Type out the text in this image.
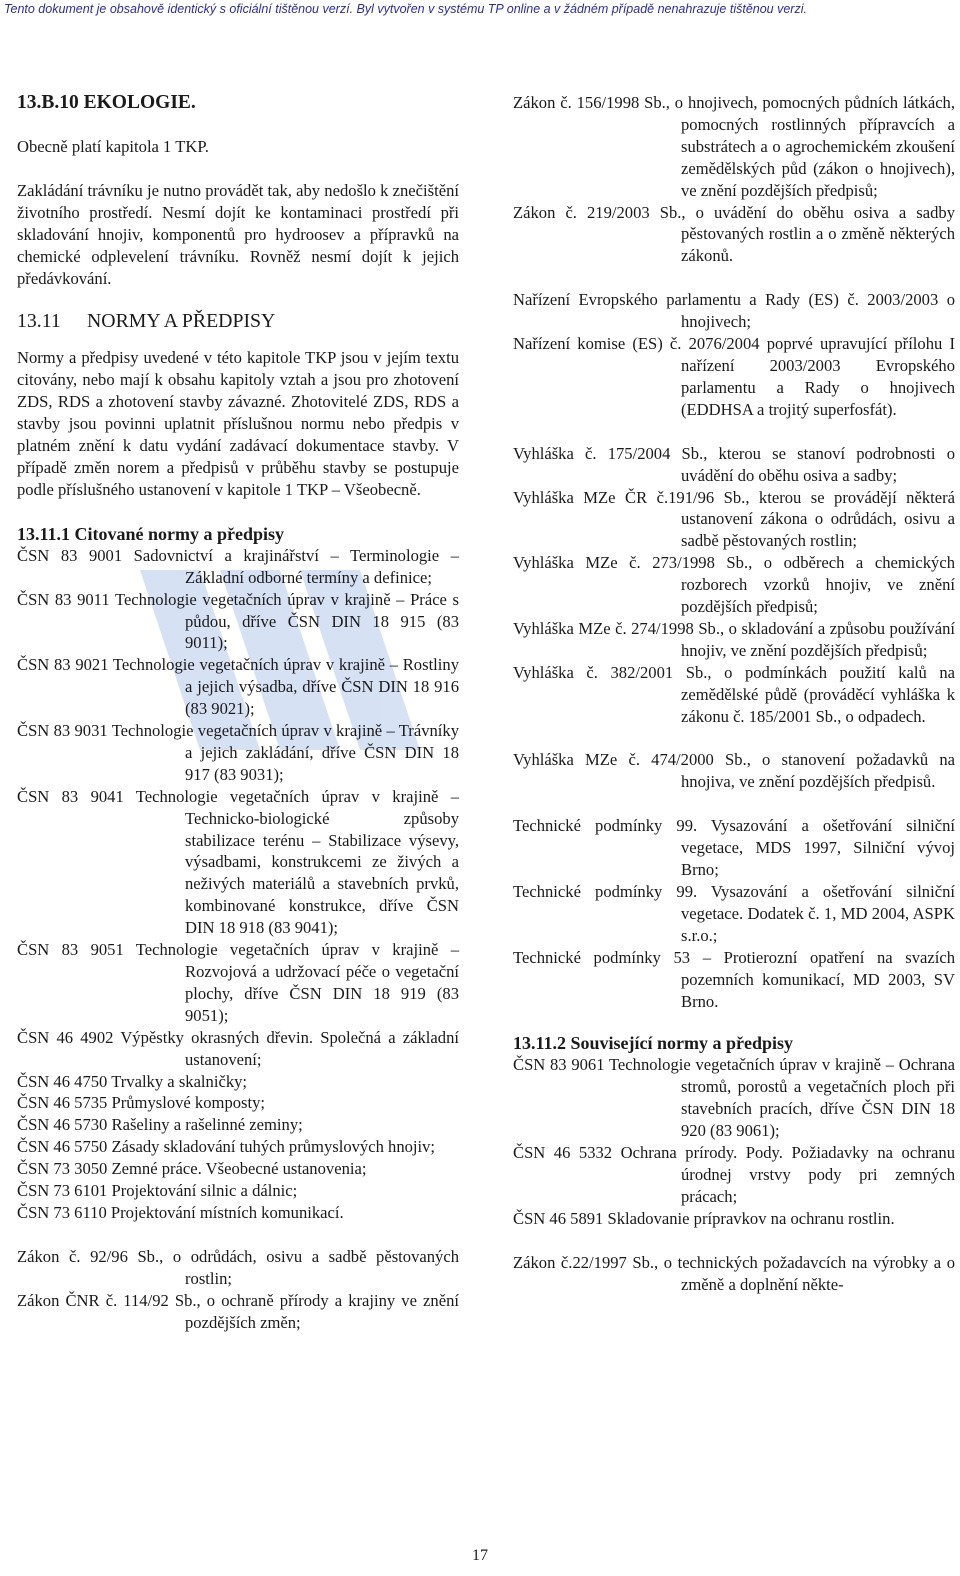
Tento dokument je obsahově identický s oficiální tištěnou verzí. Byl vytvořen v systému TP online a v žádném případě nenahrazuje tištěnou verzi.
13.B.10 EKOLOGIE.

Obecně platí kapitola 1 TKP.

Zakládání trávníku je nutno provádět tak, aby nedošlo k znečištění životního prostředí. Nesmí dojít ke kontaminaci prostředí při skladování hnojiv, komponentů pro hydroosev a přípravků na chemické odplevelení trávníku. Rovněž nesmí dojít k jejich předávkování.

13.11	NORMY A PŘEDPISY

Normy a předpisy uvedené v této kapitole TKP jsou v jejím textu citovány, nebo mají k obsahu kapitoly vztah a jsou pro zhotovení ZDS, RDS a zhotovení stavby závazné. Zhotovitelé ZDS, RDS a stavby jsou povinni uplatnit příslušnou normu nebo předpis v platném znění k datu vydání zadávací dokumentace stavby. V případě změn norem a předpisů v průběhu stavby se postupuje podle příslušného ustanovení v kapitole 1 TKP – Všeobecně.

13.11.1 Citované normy a předpisy

ČSN 83 9001 Sadovnictví a krajinářství – Terminologie – Základní odborné termíny a definice;

ČSN 83 9011 Technologie vegetačních úprav v krajině – Práce s půdou, dříve ČSN DIN 18 915 (83 9011);

ČSN 83 9021 Technologie vegetačních úprav v krajině – Rostliny a jejich výsadba, dříve ČSN DIN 18 916 (83 9021);

ČSN 83 9031 Technologie vegetačních úprav v krajině – Trávníky a jejich zakládání, dříve ČSN DIN 18 917 (83 9031);

ČSN 83 9041 Technologie vegetačních úprav v krajině – Technicko-biologické způsoby stabilizace terénu – Stabilizace výsevy, výsadbami, konstrukcemi ze živých a neživých materiálů a stavebních prvků, kombinované konstrukce, dříve ČSN DIN 18 918 (83 9041);

ČSN 83 9051 Technologie vegetačních úprav v krajině – Rozvojová a udržovací péče o vegetační plochy, dříve ČSN DIN 18 919 (83 9051);

ČSN 46 4902 Výpěstky okrasných dřevin. Společná a základní ustanovení;

ČSN 46 4750 Trvalky a skalničky;

ČSN 46 5735 Průmyslové komposty;

ČSN 46 5730 Rašeliny a rašelinné zeminy;

ČSN 46 5750 Zásady skladování tuhých průmyslových hnojiv;

ČSN 73 3050 Zemné práce. Všeobecné ustanovenia;

ČSN 73 6101 Projektování silnic a dálnic;

ČSN 73 6110 Projektování místních komunikací.

Zákon č. 92/96 Sb., o odrůdách, osivu a sadbě pěstovaných rostlin;

Zákon ČNR č. 114/92 Sb., o ochraně přírody a krajiny ve znění pozdějších změn;

Zákon č. 156/1998 Sb., o hnojivech, pomocných půdních látkách, pomocných rostlinných přípravcích a substrátech a o agrochemickém zkoušení zemědělských půd (zákon o hnojivech), ve znění pozdějších předpisů;

Zákon č. 219/2003 Sb., o uvádění do oběhu osiva a sadby pěstovaných rostlin a o změně některých zákonů.

Nařízení Evropského parlamentu a Rady (ES) č. 2003/2003 o hnojivech;

Nařízení komise (ES) č. 2076/2004 poprvé upravující přílohu I nařízení 2003/2003 Evropského parlamentu a Rady o hnojivech (EDDHSA a trojitý superfosfát).

Vyhláška č. 175/2004 Sb., kterou se stanoví podrobnosti o uvádění do oběhu osiva a sadby;

Vyhláška MZe ČR č.191/96 Sb., kterou se provádějí některá ustanovení zákona o odrůdách, osivu a sadbě pěstovaných rostlin;

Vyhláška MZe č. 273/1998 Sb., o odběrech a chemických rozborech vzorků hnojiv, ve znění pozdějších předpisů;

Vyhláška MZe č. 274/1998 Sb., o skladování a způsobu používání hnojiv, ve znění pozdějších předpisů;

Vyhláška č. 382/2001 Sb., o podmínkách použití kalů na zemědělské půdě (prováděcí vyhláška k zákonu č. 185/2001 Sb., o odpadech.

Vyhláška MZe č. 474/2000 Sb., o stanovení požadavků na hnojiva, ve znění pozdějších předpisů.

Technické podmínky 99. Vysazování a ošetřování silniční vegetace, MDS 1997, Silniční vývoj Brno;

Technické podmínky 99. Vysazování a ošetřování silniční vegetace. Dodatek č. 1, MD 2004, ASPK s.r.o.;

Technické podmínky 53 – Protierozní opatření na svazích pozemních komunikací, MD 2003, SV Brno.

13.11.2 Související normy a předpisy

ČSN 83 9061 Technologie vegetačních úprav v krajině – Ochrana stromů, porostů a vegetačních ploch při stavebních pracích, dříve ČSN DIN 18 920 (83 9061);

ČSN 46 5332 Ochrana prírody. Pody. Požiadavky na ochranu úrodnej vrstvy pody pri zemných prácach;

ČSN 46 5891 Skladovanie prípravkov na ochranu rostlin.

Zákon č.22/1997 Sb., o technických požadavcích na výrobky a o změně a doplnění někte-

17
